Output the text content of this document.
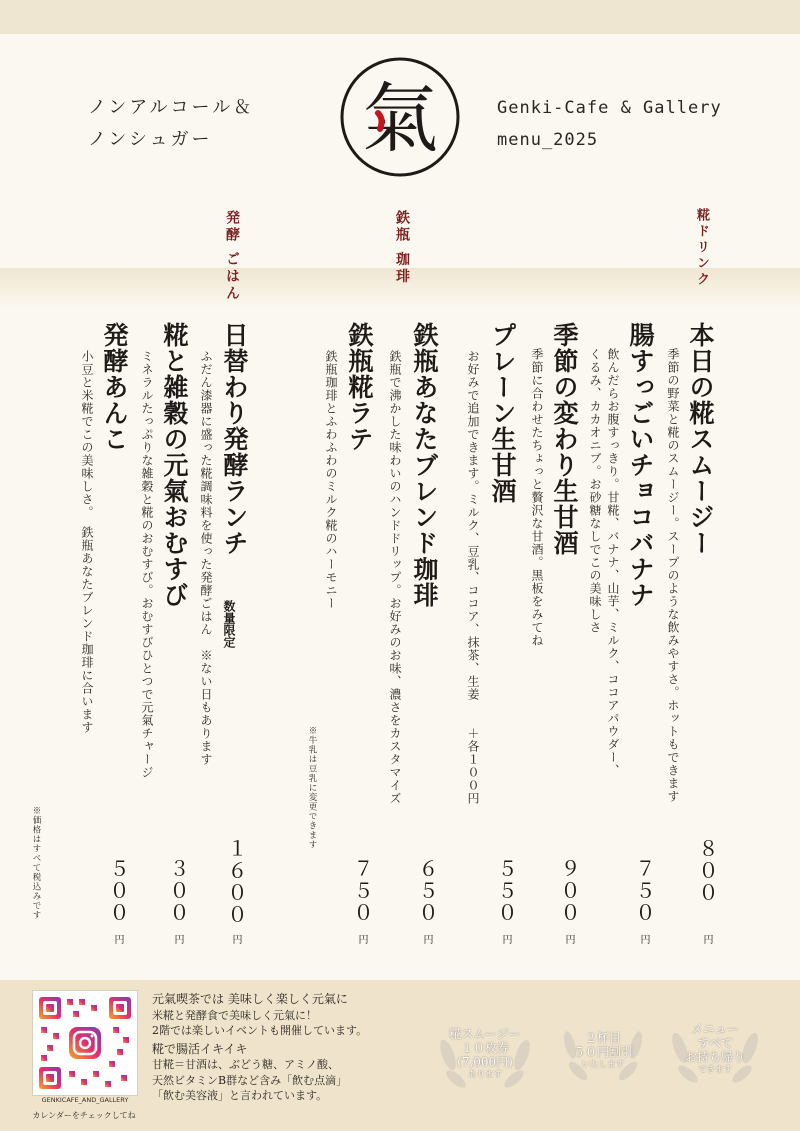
ノンアルコール＆
ノンシュガー	氣	Genki-Cafe & Gallery
menu_2025
糀ドリンク
鉄瓶 珈琲
発酵 ごはん
本日の糀スムージー
季節の野菜と糀のスムージー。スープのような飲みやすさ。ホットもできます
８００
円
腸すっごいチョコバナナ
飲んだらお腹すっきり。甘糀、バナナ、山芋、ミルク、ココアパウダー、
くるみ、カカオニブ。お砂糖なしでこの美味しさ
７５０
円
季節の変わり生甘酒
季節に合わせたちょっと贅沢な甘酒。黒板をみてね
９００
円
プレーン生甘酒
お好みで追加できます。ミルク、豆乳、ココア、抹茶、生姜　　＋各１００円
５５０
円
鉄瓶あなたブレンド珈琲
鉄瓶で沸かした味わいのハンドドリップ。お好みのお味、濃さをカスタマイズ
６５０
円
鉄瓶糀ラテ
鉄瓶珈琲とふわふわのミルク糀のハーモニー
※牛乳は豆乳に変更できます
７５０
円
日替わり発酵ランチ
ふだん漆器に盛った糀調味料を使った発酵ごはん　※ない日もあります 数量限定
１６００
円
糀と雑穀の元氣おむすび
ミネラルたっぷりな雑穀と糀のおむすび。おむすびひとつで元氣チャージ
３００
円
発酵あんこ
小豆と米糀でこの美味しさ。　鉄瓶あなたブレンド珈琲に合います
５００
円
※価格はすべて税込みです
GENKICAFE_AND_GALLERY
カレンダーをチェックしてね
元氣喫茶では 美味しく楽しく元氣に
米糀と発酵食で美味しく元氣に！
2階では楽しいイベントも開催しています。
糀で腸活イキイキ
甘糀＝甘酒は、ぶどう糖、アミノ酸、
天然ビタミンB群など含み「飲む点滴」
「飲む美容液」と言われています。
糀スムージー
１０枚券
(7,000円)
あります
２杯目
５０円割引
いたします
メニュー
すべて
お持ち帰り
できます
